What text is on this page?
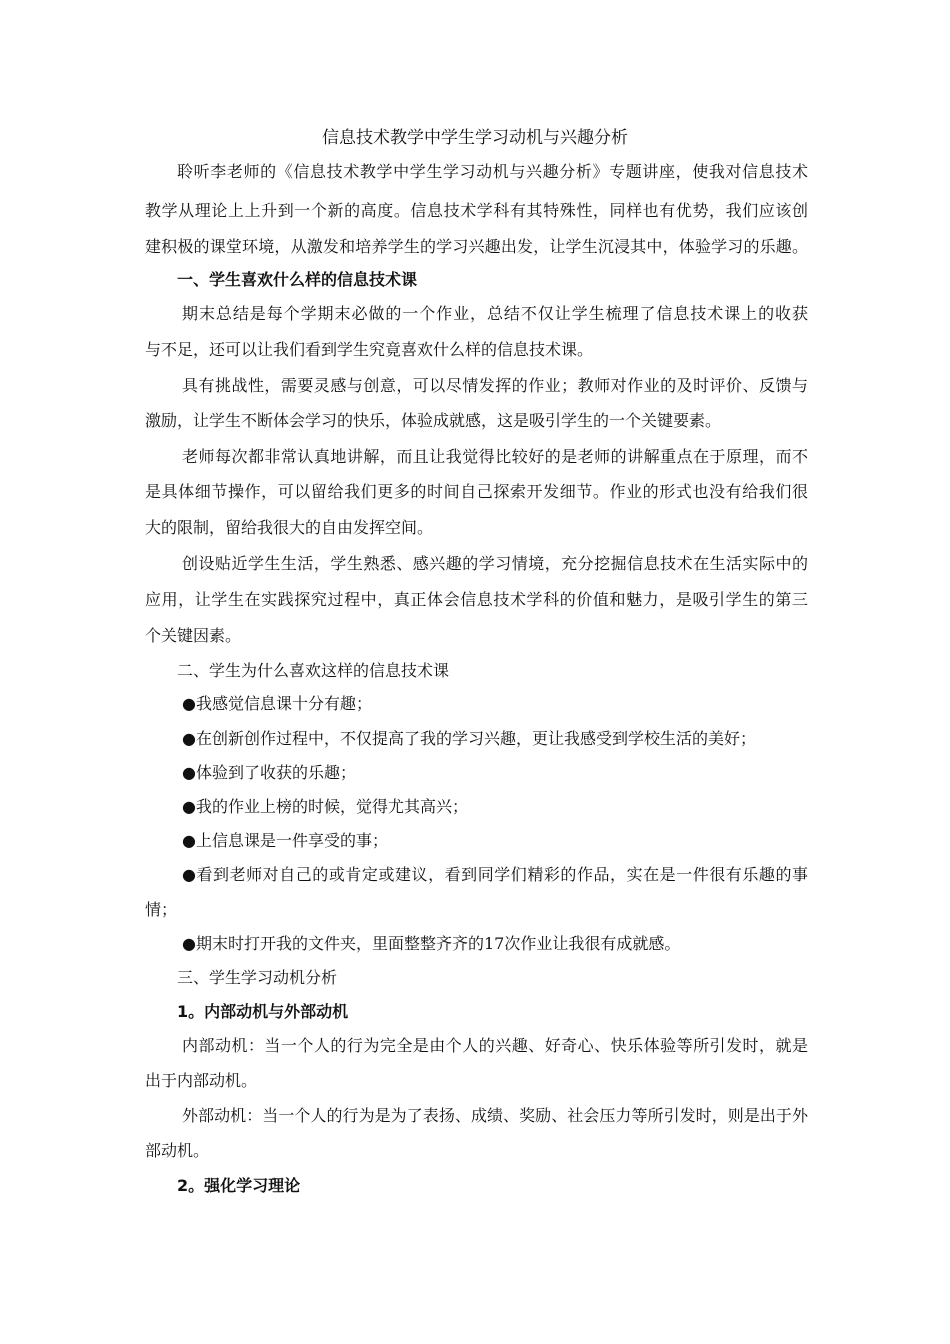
信息技术教学中学生学习动机与兴趣分析
聆听李老师的《信息技术教学中学生学习动机与兴趣分析》专题讲座，使我对信息技术
教学从理论上上升到一个新的高度。信息技术学科有其特殊性，同样也有优势，我们应该创
建积极的课堂环境，从激发和培养学生的学习兴趣出发，让学生沉浸其中，体验学习的乐趣。
一、学生喜欢什么样的信息技术课
期末总结是每个学期末必做的一个作业，总结不仅让学生梳理了信息技术课上的收获
与不足，还可以让我们看到学生究竟喜欢什么样的信息技术课。
具有挑战性，需要灵感与创意，可以尽情发挥的作业；教师对作业的及时评价、反馈与
激励，让学生不断体会学习的快乐，体验成就感，这是吸引学生的一个关键要素。
老师每次都非常认真地讲解，而且让我觉得比较好的是老师的讲解重点在于原理，而不
是具体细节操作，可以留给我们更多的时间自己探索开发细节。作业的形式也没有给我们很
大的限制，留给我很大的自由发挥空间。
创设贴近学生生活，学生熟悉、感兴趣的学习情境，充分挖掘信息技术在生活实际中的
应用，让学生在实践探究过程中，真正体会信息技术学科的价值和魅力，是吸引学生的第三
个关键因素。
二、学生为什么喜欢这样的信息技术课
●我感觉信息课十分有趣；
●在创新创作过程中，不仅提高了我的学习兴趣，更让我感受到学校生活的美好；
●体验到了收获的乐趣；
●我的作业上榜的时候，觉得尤其高兴；
●上信息课是一件享受的事；
●看到老师对自己的或肯定或建议，看到同学们精彩的作品，实在是一件很有乐趣的事
情；
●期末时打开我的文件夹，里面整整齐齐的17次作业让我很有成就感。
三、学生学习动机分析
1。内部动机与外部动机
内部动机：当一个人的行为完全是由个人的兴趣、好奇心、快乐体验等所引发时，就是
出于内部动机。
外部动机：当一个人的行为是为了表扬、成绩、奖励、社会压力等所引发时，则是出于外
部动机。
2。强化学习理论
